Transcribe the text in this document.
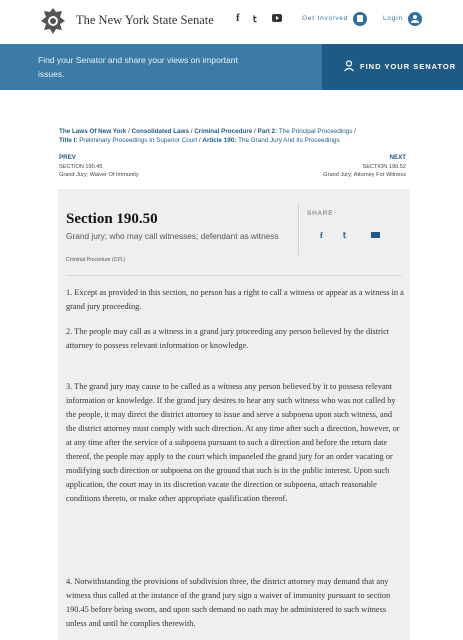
The New York State Senate f 𝗍	Get Involved	Login
Find your Senator and share your views on important issues.
FIND YOUR SENATOR
The Laws Of New York / Consolidated Laws / Criminal Procedure / Part 2: The Principal Proceedings /
Title I: Preliminary Proceedings In Superior Court / Article 190: The Grand Jury And Its Proceedings
PREV
SECTION 190.45
Grand Jury; Waiver Of Immunity
NEXT
SECTION 190.52
Grand Jury; Attorney For Witness
Section 190.50
Grand jury; who may call witnesses; defendant as witness
Criminal Procedure (CPL)
SHARE
f 𝗍

1. Except as provided in this section, no person has a right to call a witness or appear as a witness in a grand jury proceeding.

2. The people may call as a witness in a grand jury proceeding any person believed by the district attorney to possess relevant information or knowledge.

3. The grand jury may cause to be called as a witness any person believed by it to possess relevant information or knowledge. If the grand jury desires to hear any such witness who was not called by the people, it may direct the district attorney to issue and serve a subpoena upon such witness, and the district attorney must comply with such direction. At any time after such a direction, however, or at any time after the service of a subpoena pursuant to such a direction and before the return date thereof, the people may apply to the court which impaneled the grand jury for an order vacating or modifying such direction or subpoena on the ground that such is in the public interest. Upon such application, the court may in its discretion vacate the direction or subpoena, attach reasonable conditions thereto, or make other appropriate qualification thereof.

4. Notwithstanding the provisions of subdivision three, the district attorney may demand that any witness thus called at the instance of the grand jury sign a waiver of immunity pursuant to section 190.45 before being sworn, and upon such demand no oath may be administered to such witness unless and until he complies therewith.
